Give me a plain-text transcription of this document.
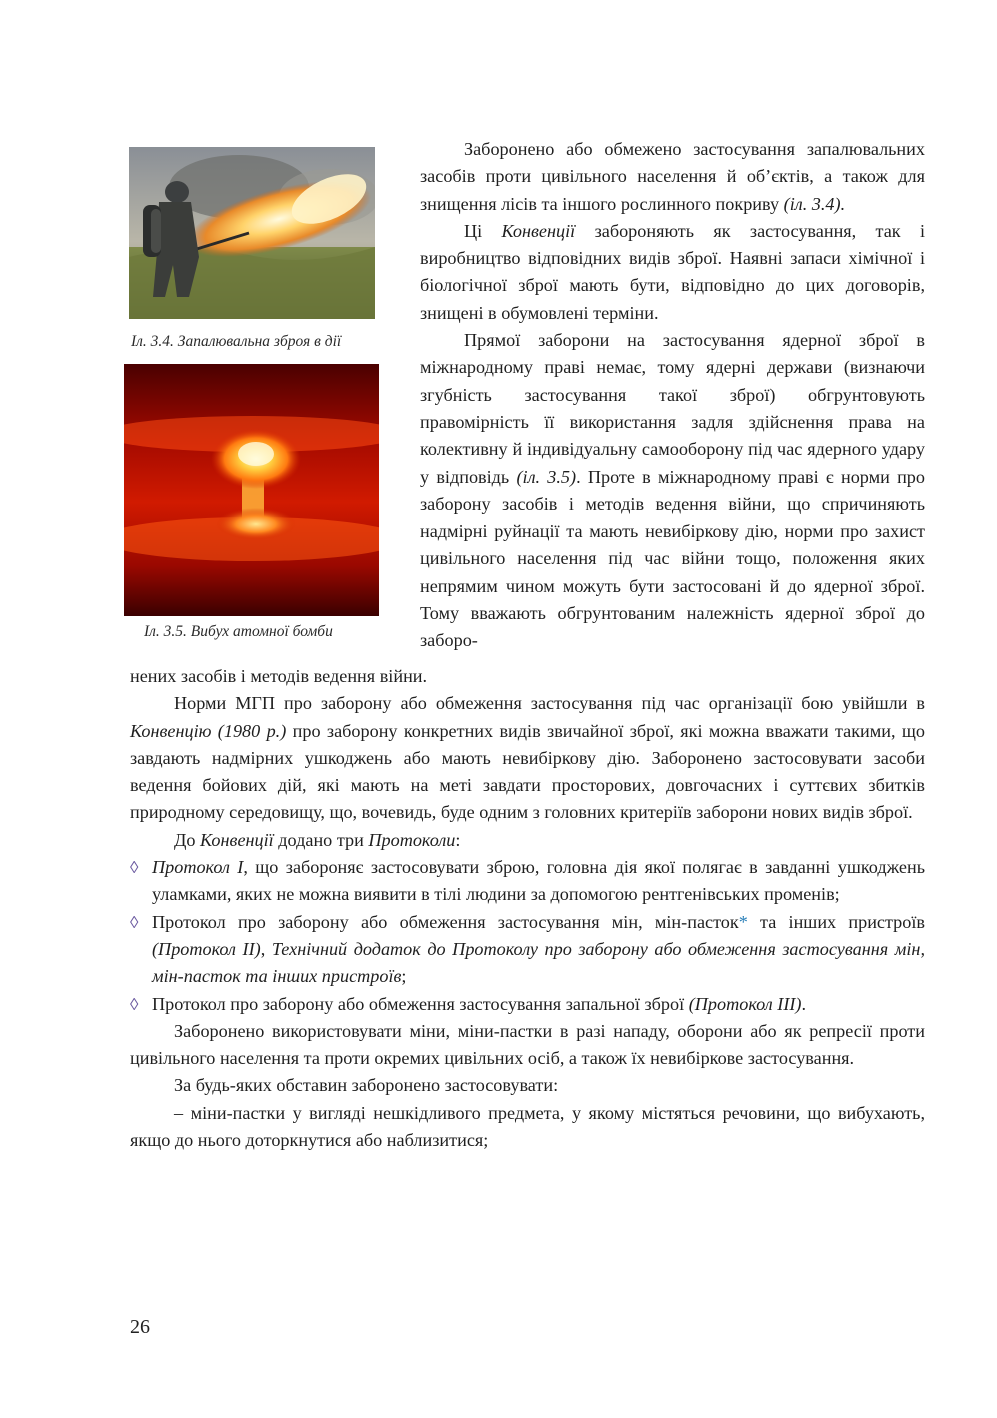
Іл. 3.4. Запалювальна зброя в дії
Іл. 3.5. Вибух атомної бомби

Заборонено або обмежено застосування запалювальних засобів проти цивільного населення й об’єктів, а також для знищення лісів та іншого рослинного покриву (іл. 3.4).

Ці Конвенції забороняють як застосування, так і виробництво відповідних видів зброї. Наявні запаси хімічної і біологічної зброї мають бути, відповідно до цих договорів, знищені в обумовлені терміни.

Прямої заборони на застосування ядерної зброї в міжнародному праві немає, тому ядерні держави (визнаючи згубність застосування такої зброї) обгрунтовують правомірність її використання задля здійснення права на колективну й індивідуальну самооборону під час ядерного удару у відповідь (іл. 3.5). Проте в міжнародному праві є норми про заборону засобів і методів ведення війни, що спричиняють надмірні руйнації та мають невибіркову дію, норми про захист цивільного населення під час війни тощо, положення яких непрямим чином можуть бути застосовані й до ядерної зброї. Тому вважають обгрунтованим належність ядерної зброї до заборо-

нених засобів і методів ведення війни.

Норми МГП про заборону або обмеження застосування під час організації бою увійшли в Конвенцію (1980 р.) про заборону конкретних видів звичайної зброї, які можна вважати такими, що завдають надмірних ушкоджень або мають невибіркову дію. Заборонено застосовувати засоби ведення бойових дій, які мають на меті завдати просторових, довгочасних і суттєвих збитків природному середовищу, що, вочевидь, буде одним з головних критеріїв заборони нових видів зброї.

До Конвенції додано три Протоколи:

◊ Протокол I, що забороняє застосовувати зброю, головна дія якої полягає в завданні ушкоджень уламками, яких не можна виявити в тілі людини за допомогою рентгенівських променів;
◊ Протокол про заборону або обмеження застосування мін, мін-пасток* та інших пристроїв (Протокол II), Технічний додаток до Протоколу про заборону або обмеження застосування мін, мін-пасток та інших пристроїв;
◊ Протокол про заборону або обмеження застосування запальної зброї (Протокол III).

Заборонено використовувати міни, міни-пастки в разі нападу, оборони або як репресії проти цивільного населення та проти окремих цивільних осіб, а також їх невибіркове застосування.

За будь-яких обставин заборонено застосовувати:

– міни-пастки у вигляді нешкідливого предмета, у якому містяться речовини, що вибухають, якщо до нього доторкнутися або наблизитися;

26
